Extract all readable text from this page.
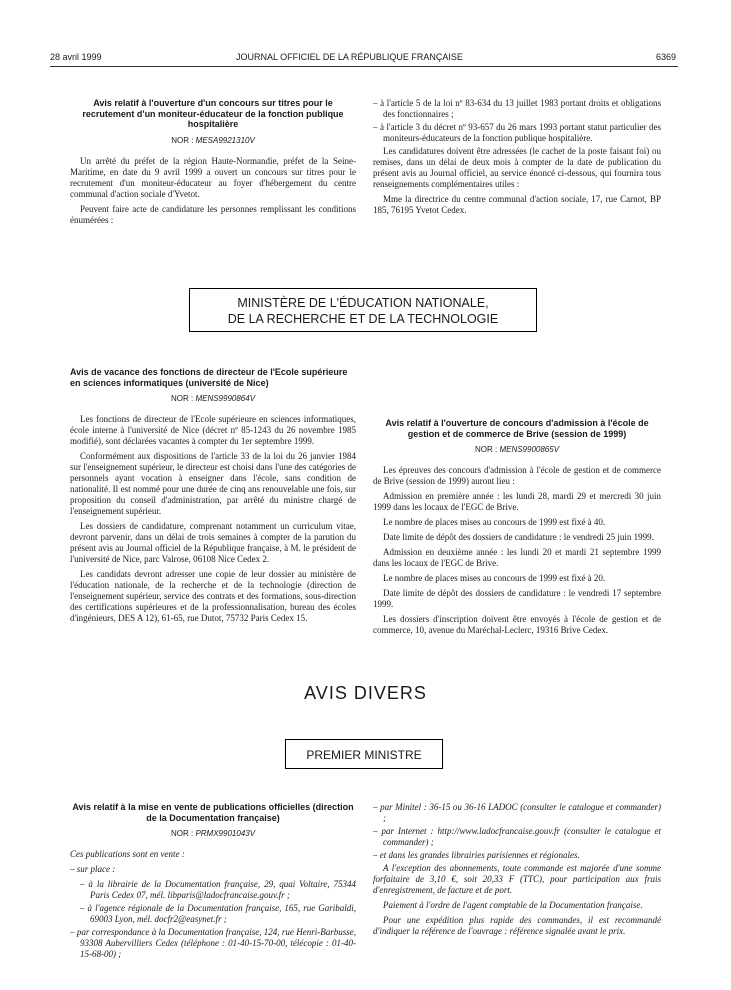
28 avril 1999	JOURNAL OFFICIEL DE LA RÉPUBLIQUE FRANÇAISE	6369
Avis relatif à l'ouverture d'un concours sur titres pour le recrutement d'un moniteur-éducateur de la fonction publique hospitalière
NOR : MESA9921310V

Un arrêté du préfet de la région Haute-Normandie, préfet de la Seine-Maritime, en date du 9 avril 1999 a ouvert un concours sur titres pour le recrutement d'un moniteur-éducateur au foyer d'hébergement du centre communal d'action sociale d'Yvetot.

Peuvent faire acte de candidature les personnes remplissant les conditions énumérées :

– à l'article 5 de la loi nº 83-634 du 13 juillet 1983 portant droits et obligations des fonctionnaires ;

– à l'article 3 du décret nº 93-657 du 26 mars 1993 portant statut particulier des moniteurs-éducateurs de la fonction publique hospitalière.

Les candidatures doivent être adressées (le cachet de la poste faisant foi) ou remises, dans un délai de deux mois à compter de la date de publication du présent avis au Journal officiel, au service énoncé ci-dessous, qui fournira tous renseignements complémentaires utiles :

Mme la directrice du centre communal d'action sociale, 17, rue Carnot, BP 185, 76195 Yvetot Cedex.

MINISTÈRE DE L'ÉDUCATION NATIONALE,
DE LA RECHERCHE ET DE LA TECHNOLOGIE
Avis de vacance des fonctions de directeur de l'Ecole supérieure en sciences informatiques (université de Nice)
NOR : MENS9990864V

Les fonctions de directeur de l'Ecole supérieure en sciences informatiques, école interne à l'université de Nice (décret nº 85-1243 du 26 novembre 1985 modifié), sont déclarées vacantes à compter du 1er septembre 1999.

Conformément aux dispositions de l'article 33 de la loi du 26 janvier 1984 sur l'enseignement supérieur, le directeur est choisi dans l'une des catégories de personnels ayant vocation à enseigner dans l'école, sans condition de nationalité. Il est nommé pour une durée de cinq ans renouvelable une fois, sur proposition du conseil d'administration, par arrêté du ministre chargé de l'enseignement supérieur.

Les dossiers de candidature, comprenant notamment un curriculum vitae, devront parvenir, dans un délai de trois semaines à compter de la parution du présent avis au Journal officiel de la République française, à M. le président de l'université de Nice, parc Valrose, 06108 Nice Cedex 2.

Les candidats devront adresser une copie de leur dossier au ministère de l'éducation nationale, de la recherche et de la technologie (direction de l'enseignement supérieur, service des contrats et des formations, sous-direction des certifications supérieures et de la professionnalisation, bureau des écoles d'ingénieurs, DES A 12), 61-65, rue Dutot, 75732 Paris Cedex 15.

Avis relatif à l'ouverture de concours d'admission à l'école de gestion et de commerce de Brive (session de 1999)
NOR : MENS9900865V

Les épreuves des concours d'admission à l'école de gestion et de commerce de Brive (session de 1999) auront lieu :

Admission en première année : les lundi 28, mardi 29 et mercredi 30 juin 1999 dans les locaux de l'EGC de Brive.

Le nombre de places mises au concours de 1999 est fixé à 40.

Date limite de dépôt des dossiers de candidature : le vendredi 25 juin 1999.

Admission en deuxième année : les lundi 20 et mardi 21 septembre 1999 dans les locaux de l'EGC de Brive.

Le nombre de places mises au concours de 1999 est fixé à 20.

Date limite de dépôt des dossiers de candidature : le vendredi 17 septembre 1999.

Les dossiers d'inscription doivent être envoyés à l'école de gestion et de commerce, 10, avenue du Maréchal-Leclerc, 19316 Brive Cedex.

AVIS DIVERS
PREMIER MINISTRE
Avis relatif à la mise en vente de publications officielles (direction de la Documentation française)
NOR : PRMX9901043V

Ces publications sont en vente :

– sur place :

– à la librairie de la Documentation française, 29, quai Voltaire, 75344 Paris Cedex 07, mél. libparis@ladocfrancaise.gouv.fr ;

– à l'agence régionale de la Documentation française, 165, rue Garibaldi, 69003 Lyon, mél. docfr2@easynet.fr ;

– par correspondance à la Documentation française, 124, rue Henri-Barbusse, 93308 Aubervilliers Cedex (téléphone : 01-40-15-70-00, télécopie : 01-40-15-68-00) ;

– par Minitel : 36-15 ou 36-16 LADOC (consulter le catalogue et commander) ;

– par Internet : http://www.ladocfrancaise.gouv.fr (consulter le catalogue et commander) ;

– et dans les grandes librairies parisiennes et régionales.

A l'exception des abonnements, toute commande est majorée d'une somme forfaitaire de 3,10 €, soit 20,33 F (TTC), pour participation aux frais d'enregistrement, de facture et de port.

Paiement à l'ordre de l'agent comptable de la Documentation française.

Pour une expédition plus rapide des commandes, il est recommandé d'indiquer la référence de l'ouvrage : référence signalée avant le prix.
